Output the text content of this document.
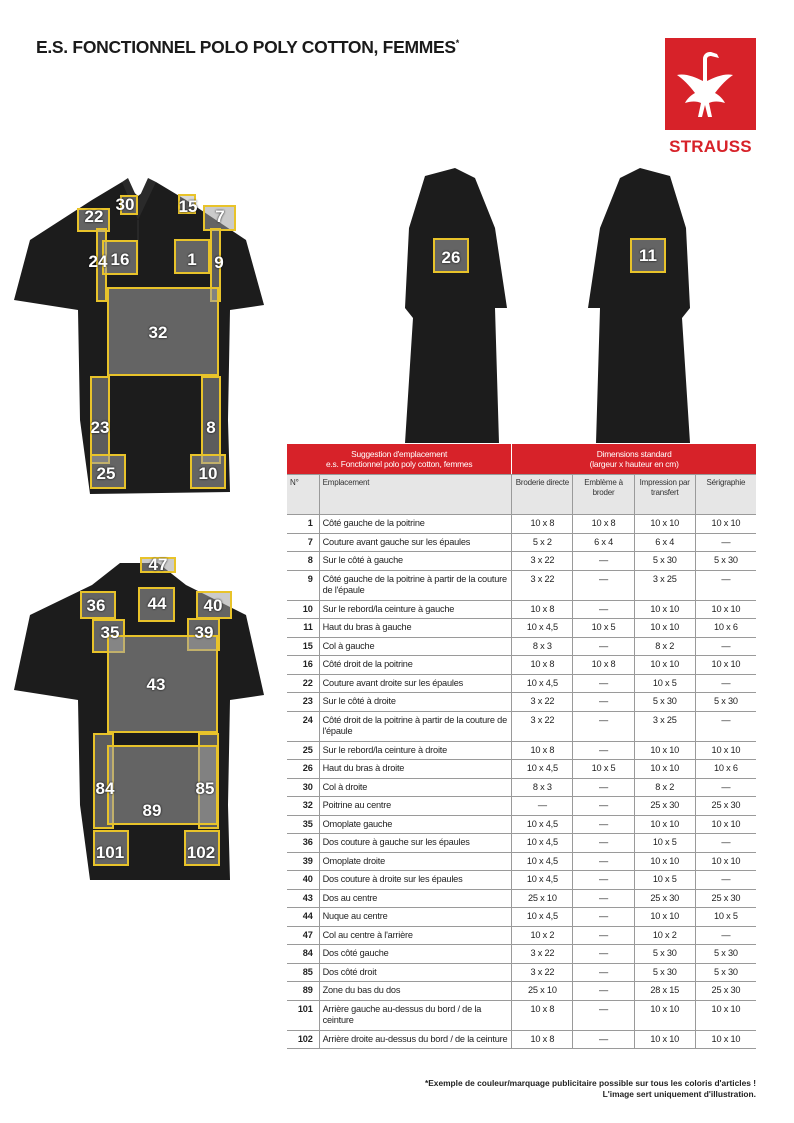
E.S. FONCTIONNEL POLO POLY COTTON, FEMMES*
STRAUSS
22
30	15
7
24 16	1 9
32
23	8
25	10
26	11
47
36 44 40
35	39
43
84	85
89
101	102
Suggestion d'emplacement
e.s. Fonctionnel polo poly cotton, femmes		Dimensions standard
(largeur x hauteur en cm)			
N°	Emplacement	Broderie directe	Emblème à broder	Impression par transfert	Sérigraphie
1	Côté gauche de la poitrine	10 x 8	10 x 8	10 x 10	10 x 10
7	Couture avant gauche sur les épaules	5 x 2	6 x 4	6 x 4	—
8	Sur le côté à gauche	3 x 22	—	5 x 30	5 x 30
9	Côté gauche de la poitrine à partir de la couture de l'épaule	3 x 22	—	3 x 25	—
10	Sur le rebord/la ceinture à gauche	10 x 8	—	10 x 10	10 x 10
11	Haut du bras à gauche	10 x 4,5	10 x 5	10 x 10	10 x 6
15	Col à gauche	8 x 3	—	8 x 2	—
16	Côté droit de la poitrine	10 x 8	10 x 8	10 x 10	10 x 10
22	Couture avant droite sur les épaules	10 x 4,5	—	10 x 5	—
23	Sur le côté à droite	3 x 22	—	5 x 30	5 x 30
24	Côté droit de la poitrine à partir de la couture de l'épaule	3 x 22	—	3 x 25	—
25	Sur le rebord/la ceinture à droite	10 x 8	—	10 x 10	10 x 10
26	Haut du bras à droite	10 x 4,5	10 x 5	10 x 10	10 x 6
30	Col à droite	8 x 3	—	8 x 2	—
32	Poitrine au centre	—	—	25 x 30	25 x 30
35	Omoplate gauche	10 x 4,5	—	10 x 10	10 x 10
36	Dos couture à gauche sur les épaules	10 x 4,5	—	10 x 5	—
39	Omoplate droite	10 x 4,5	—	10 x 10	10 x 10
40	Dos couture à droite sur les épaules	10 x 4,5	—	10 x 5	—
43	Dos au centre	25 x 10	—	25 x 30	25 x 30
44	Nuque au centre	10 x 4,5	—	10 x 10	10 x 5
47	Col au centre à l'arrière	10 x 2	—	10 x 2	—
84	Dos côté gauche	3 x 22	—	5 x 30	5 x 30
85	Dos côté droit	3 x 22	—	5 x 30	5 x 30
89	Zone du bas du dos	25 x 10	—	28 x 15	25 x 30
101	Arrière gauche au-dessus du bord / de la ceinture	10 x 8	—	10 x 10	10 x 10
102	Arrière droite au-dessus du bord / de la ceinture	10 x 8	—	10 x 10	10 x 10
*Exemple de couleur/marquage publicitaire possible sur tous les coloris d'articles !
L'image sert uniquement d'illustration.
